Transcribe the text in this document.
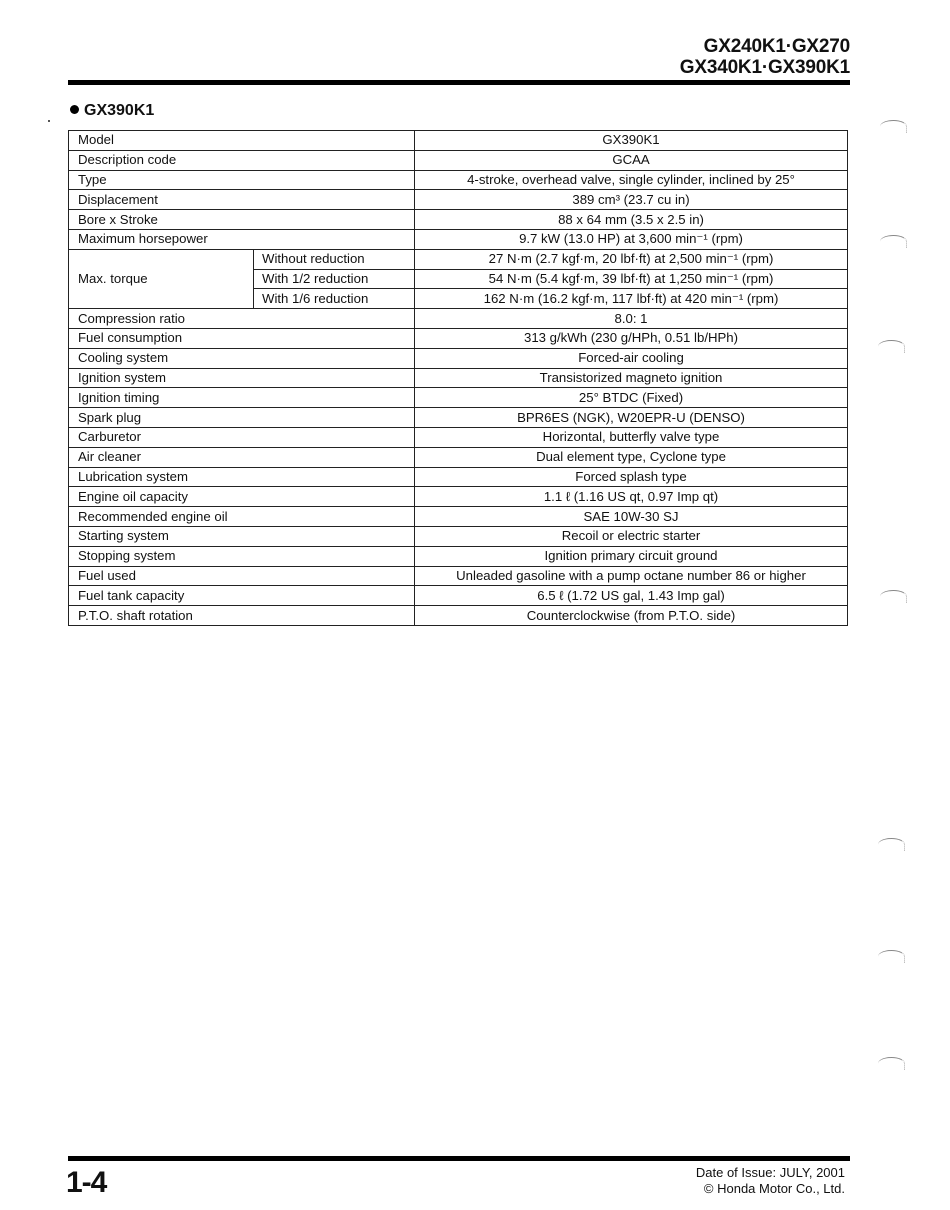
GX240K1·GX270
GX340K1·GX390K1
GX390K1
Model		GX390K1
Description code		GCAA
Type		4-stroke, overhead valve, single cylinder, inclined by 25°
Displacement		389 cm³ (23.7 cu in)
Bore x Stroke		88 x 64 mm (3.5 x 2.5 in)
Maximum horsepower		9.7 kW (13.0 HP) at 3,600 min⁻¹ (rpm)
Max. torque	Without reduction	27 N·m (2.7 kgf·m, 20 lbf·ft) at 2,500 min⁻¹ (rpm)
	With 1/2 reduction	54 N·m (5.4 kgf·m, 39 lbf·ft) at 1,250 min⁻¹ (rpm)
	With 1/6 reduction	162 N·m (16.2 kgf·m, 117 lbf·ft) at 420 min⁻¹ (rpm)
Compression ratio		8.0: 1
Fuel consumption		313 g/kWh (230 g/HPh, 0.51 lb/HPh)
Cooling system		Forced-air cooling
Ignition system		Transistorized magneto ignition
Ignition timing		25° BTDC (Fixed)
Spark plug		BPR6ES (NGK), W20EPR-U (DENSO)
Carburetor		Horizontal, butterfly valve type
Air cleaner		Dual element type, Cyclone type
Lubrication system		Forced splash type
Engine oil capacity		1.1 ℓ (1.16 US qt, 0.97 Imp qt)
Recommended engine oil		SAE 10W-30 SJ
Starting system		Recoil or electric starter
Stopping system		Ignition primary circuit ground
Fuel used		Unleaded gasoline with a pump octane number 86 or higher
Fuel tank capacity		6.5 ℓ (1.72 US gal, 1.43 Imp gal)
P.T.O. shaft rotation		Counterclockwise (from P.T.O. side)
1-4	Date of Issue: JULY, 2001
© Honda Motor Co., Ltd.
